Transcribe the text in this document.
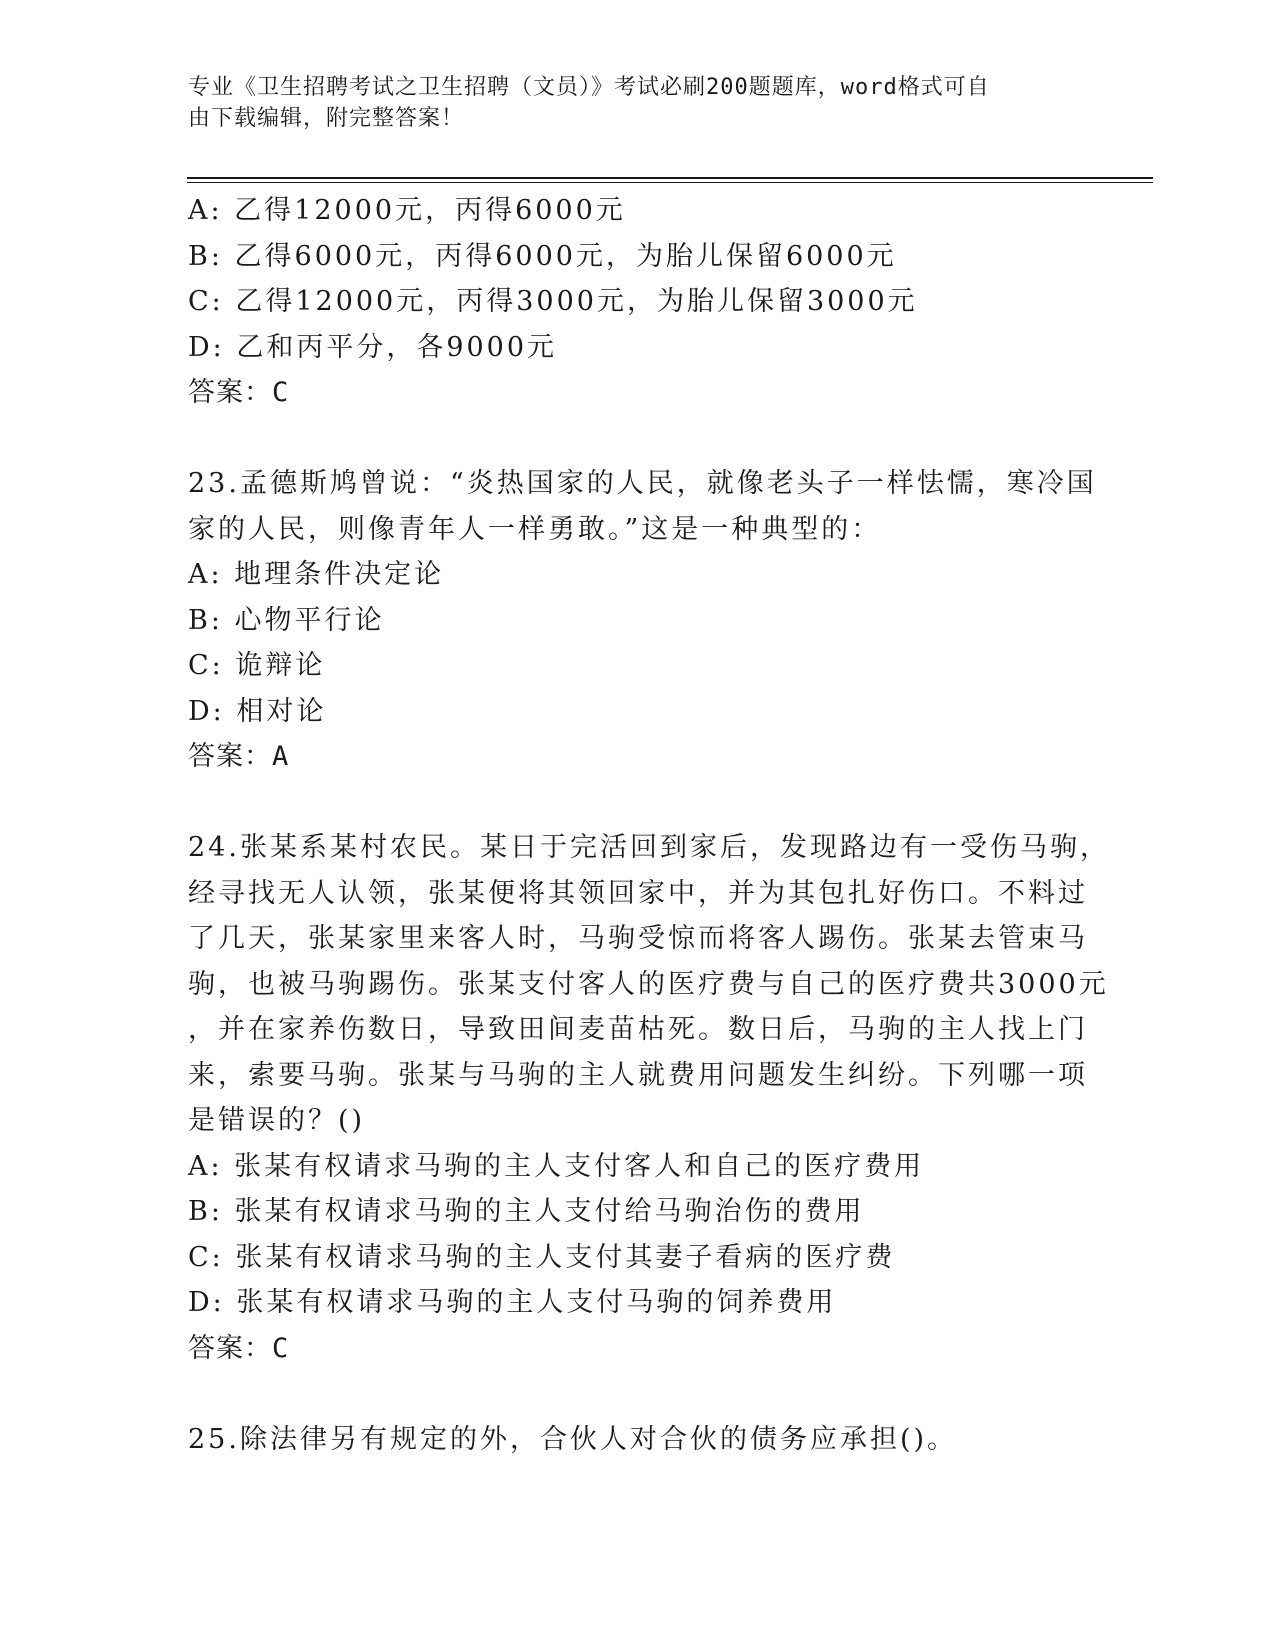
专业《卫生招聘考试之卫生招聘（文员）》考试必刷200题题库，word格式可自
由下载编辑，附完整答案！
A: 乙得12000元，丙得6000元
B: 乙得6000元，丙得6000元，为胎儿保留6000元
C: 乙得12000元，丙得3000元，为胎儿保留3000元
D: 乙和丙平分，各9000元
答案：C
23.孟德斯鸠曾说：“炎热国家的人民，就像老头子一样怯懦，寒冷国
家的人民，则像青年人一样勇敢。”这是一种典型的：
A: 地理条件决定论
B: 心物平行论
C: 诡辩论
D: 相对论
答案：A
24.张某系某村农民。某日于完活回到家后，发现路边有一受伤马驹，
经寻找无人认领，张某便将其领回家中，并为其包扎好伤口。不料过
了几天，张某家里来客人时，马驹受惊而将客人踢伤。张某去管束马
驹，也被马驹踢伤。张某支付客人的医疗费与自己的医疗费共3000元
，并在家养伤数日，导致田间麦苗枯死。数日后，马驹的主人找上门
来，索要马驹。张某与马驹的主人就费用问题发生纠纷。下列哪一项
是错误的？()
A: 张某有权请求马驹的主人支付客人和自己的医疗费用
B: 张某有权请求马驹的主人支付给马驹治伤的费用
C: 张某有权请求马驹的主人支付其妻子看病的医疗费
D: 张某有权请求马驹的主人支付马驹的饲养费用
答案：C
25.除法律另有规定的外，合伙人对合伙的债务应承担()。
